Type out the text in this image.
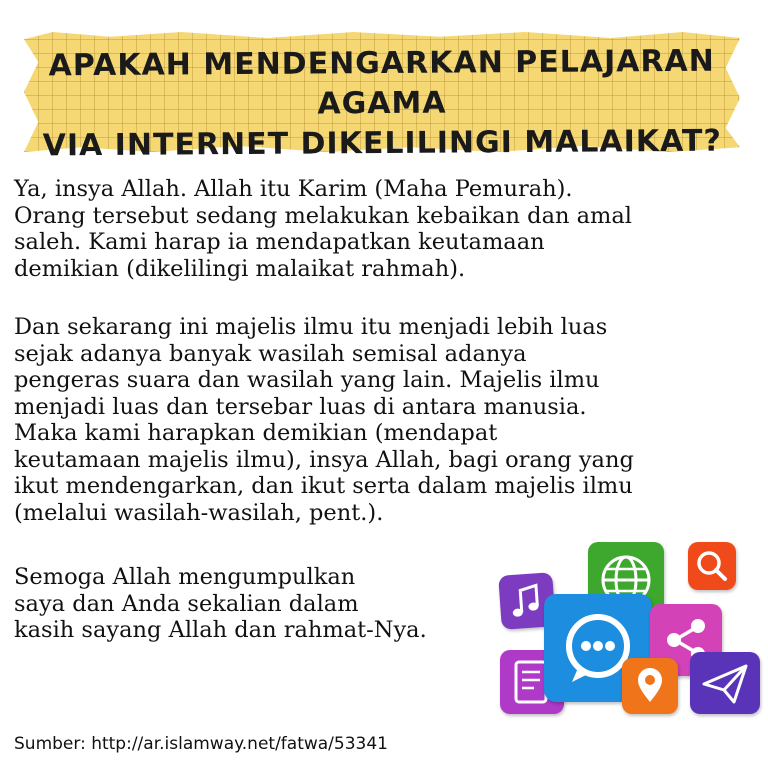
APAKAH MENDENGARKAN PELAJARAN AGAMA
VIA INTERNET DIKELILINGI MALAIKAT?

Ya, insya Allah. Allah itu Karim (Maha Pemurah).
Orang tersebut sedang melakukan kebaikan dan amal
saleh. Kami harap ia mendapatkan keutamaan
demikian (dikelilingi malaikat rahmah).

Dan sekarang ini majelis ilmu itu menjadi lebih luas
sejak adanya banyak wasilah semisal adanya
pengeras suara dan wasilah yang lain. Majelis ilmu
menjadi luas dan tersebar luas di antara manusia.
Maka kami harapkan demikian (mendapat
keutamaan majelis ilmu), insya Allah, bagi orang yang
ikut mendengarkan, dan ikut serta dalam majelis ilmu
(melalui wasilah-wasilah, pent.).

Semoga Allah mengumpulkan
saya dan Anda sekalian dalam
kasih sayang Allah dan rahmat-Nya.

Sumber: http://ar.islamway.net/fatwa/53341
